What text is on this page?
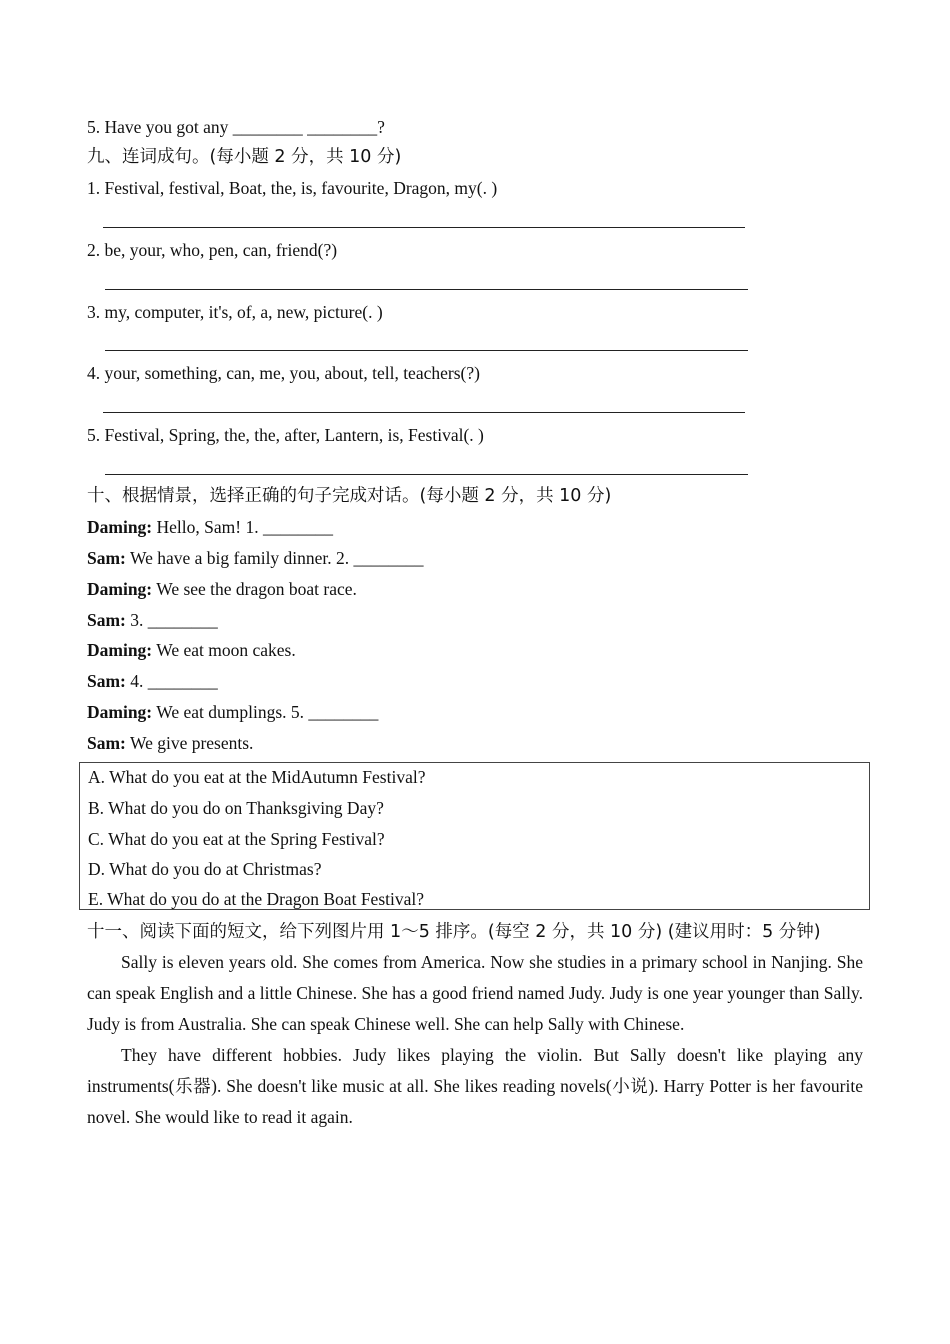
5. Have you got any ________ ________?
九、连词成句。(每小题 2 分，共 10 分)
1. Festival, festival, Boat, the, is, favourite, Dragon, my(. )
2. be, your, who, pen, can, friend(?)
3. my, computer, it's, of, a, new, picture(. )
4. your, something, can, me, you, about, tell, teachers(?)
5. Festival, Spring, the, the, after, Lantern, is, Festival(. )
十、根据情景，选择正确的句子完成对话。(每小题 2 分，共 10 分)
Daming: Hello, Sam! 1. ________
Sam: We have a big family dinner. 2. ________
Daming: We see the dragon boat race.
Sam: 3. ________
Daming: We eat moon cakes.
Sam: 4. ________
Daming: We eat dumplings. 5. ________
Sam: We give presents.
A. What do you eat at the MidAutumn Festival?
B. What do you do on Thanksgiving Day?
C. What do you eat at the Spring Festival?
D. What do you do at Christmas?
E. What do you do at the Dragon Boat Festival?
十一、阅读下面的短文，给下列图片用 1～5 排序。(每空 2 分，共 10 分) (建议用时：5 分钟)

Sally is eleven years old. She comes from America. Now she studies in a primary school in Nanjing. She can speak English and a little Chinese. She has a good friend named Judy. Judy is one year younger than Sally. Judy is from Australia. She can speak Chinese well. She can help Sally with Chinese.

They have different hobbies. Judy likes playing the violin. But Sally doesn't like playing any instruments(乐器). She doesn't like music at all. She likes reading novels(小说). Harry Potter is her favourite novel. She would like to read it again.
